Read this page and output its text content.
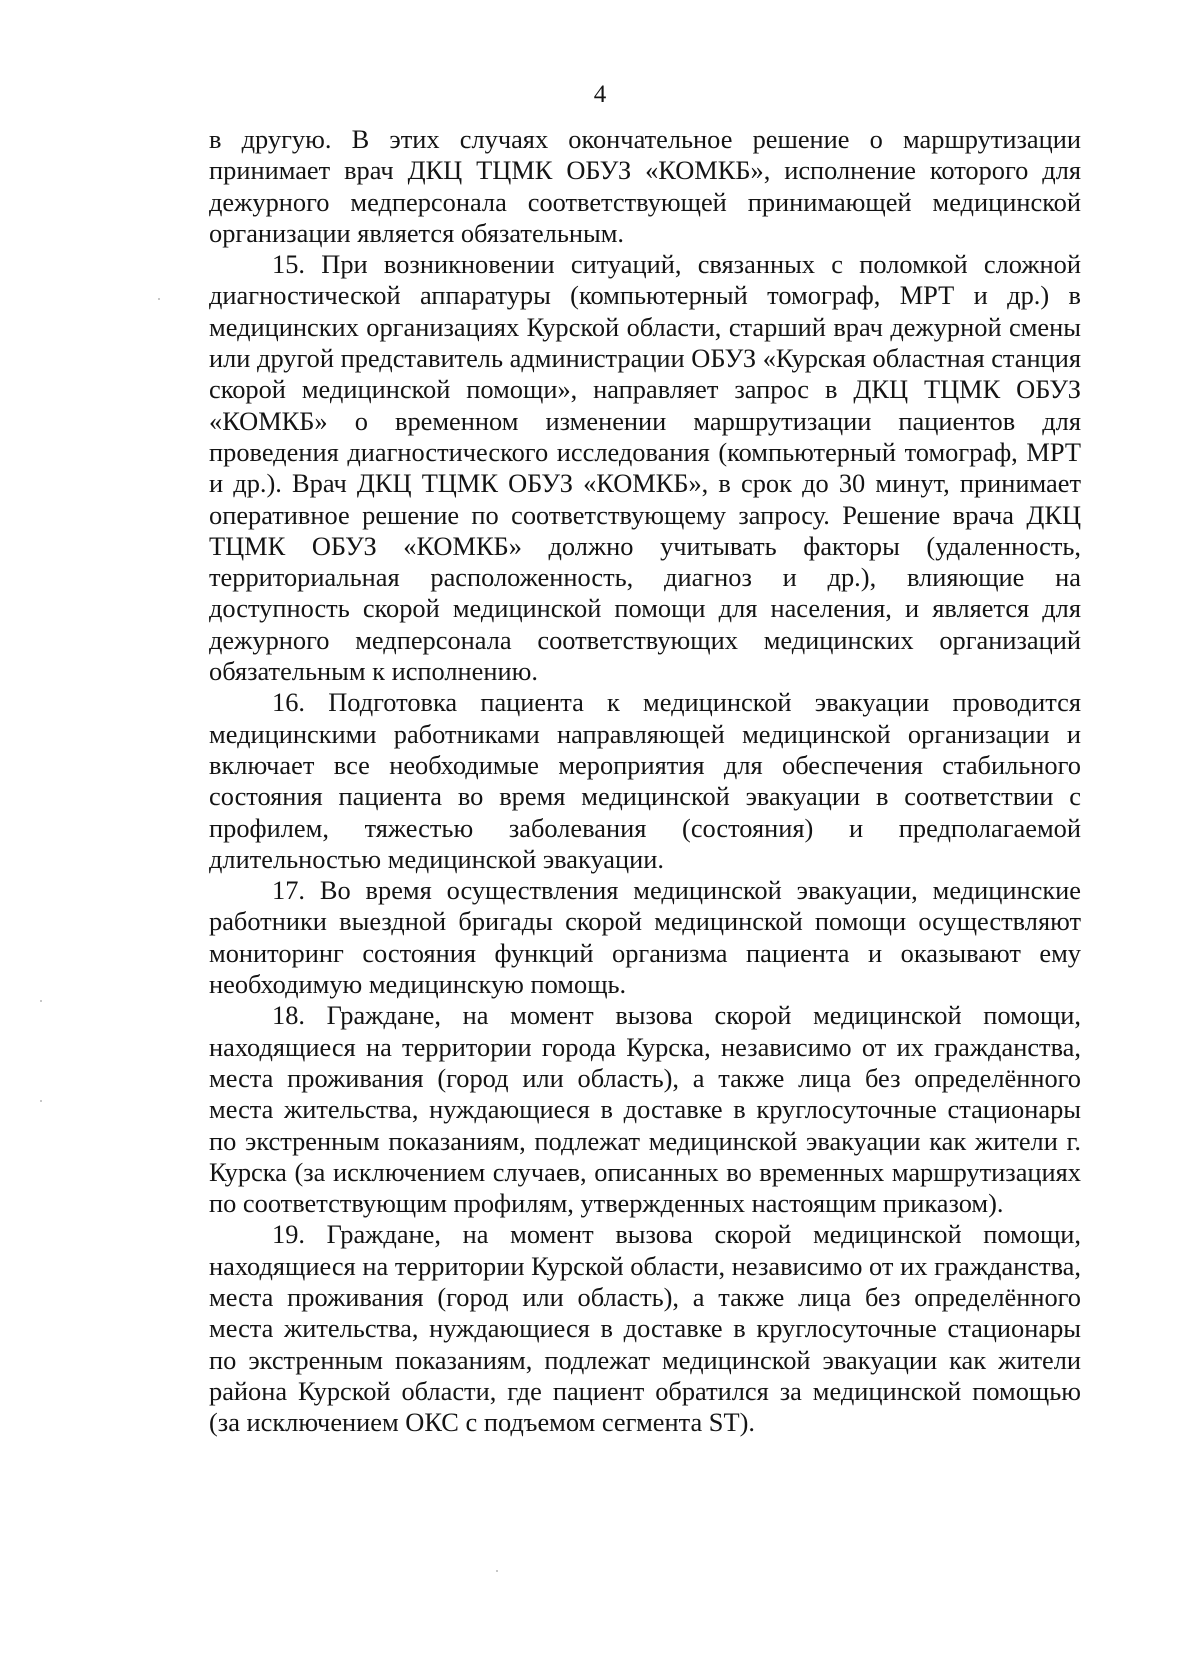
4

в другую. В этих случаях окончательное решение о маршрутизации принимает врач ДКЦ ТЦМК ОБУЗ «КОМКБ», исполнение которого для дежурного медперсонала соответствующей принимающей медицинской организации является обязательным.

15. При возникновении ситуаций, связанных с поломкой сложной диагностической аппаратуры (компьютерный томограф, МРТ и др.) в медицинских организациях Курской области, старший врач дежурной смены или другой представитель администрации ОБУЗ «Курская областная станция скорой медицинской помощи», направляет запрос в ДКЦ ТЦМК ОБУЗ «КОМКБ» о временном изменении маршрутизации пациентов для проведения диагностического исследования (компьютерный томограф, МРТ и др.). Врач ДКЦ ТЦМК ОБУЗ «КОМКБ», в срок до 30 минут, принимает оперативное решение по соответствующему запросу. Решение врача ДКЦ ТЦМК ОБУЗ «КОМКБ» должно учитывать факторы (удаленность, территориальная расположенность, диагноз и др.), влияющие на доступность скорой медицинской помощи для населения, и является для дежурного медперсонала соответствующих медицинских организаций обязательным к исполнению.

16. Подготовка пациента к медицинской эвакуации проводится медицинскими работниками направляющей медицинской организации и включает все необходимые мероприятия для обеспечения стабильного состояния пациента во время медицинской эвакуации в соответствии с профилем, тяжестью заболевания (состояния) и предполагаемой длительностью медицинской эвакуации.

17. Во время осуществления медицинской эвакуации, медицинские работники выездной бригады скорой медицинской помощи осуществляют мониторинг состояния функций организма пациента и оказывают ему необходимую медицинскую помощь.

18. Граждане, на момент вызова скорой медицинской помощи, находящиеся на территории города Курска, независимо от их гражданства, места проживания (город или область), а также лица без определённого места жительства, нуждающиеся в доставке в круглосуточные стационары по экстренным показаниям, подлежат медицинской эвакуации как жители г. Курска (за исключением случаев, описанных во временных маршрутизациях по соответствующим профилям, утвержденных настоящим приказом).

19. Граждане, на момент вызова скорой медицинской помощи, находящиеся на территории Курской области, независимо от их гражданства, места проживания (город или область), а также лица без определённого места жительства, нуждающиеся в доставке в круглосуточные стационары по экстренным показаниям, подлежат медицинской эвакуации как жители района Курской области, где пациент обратился за медицинской помощью (за исключением ОКС с подъемом сегмента ST).
